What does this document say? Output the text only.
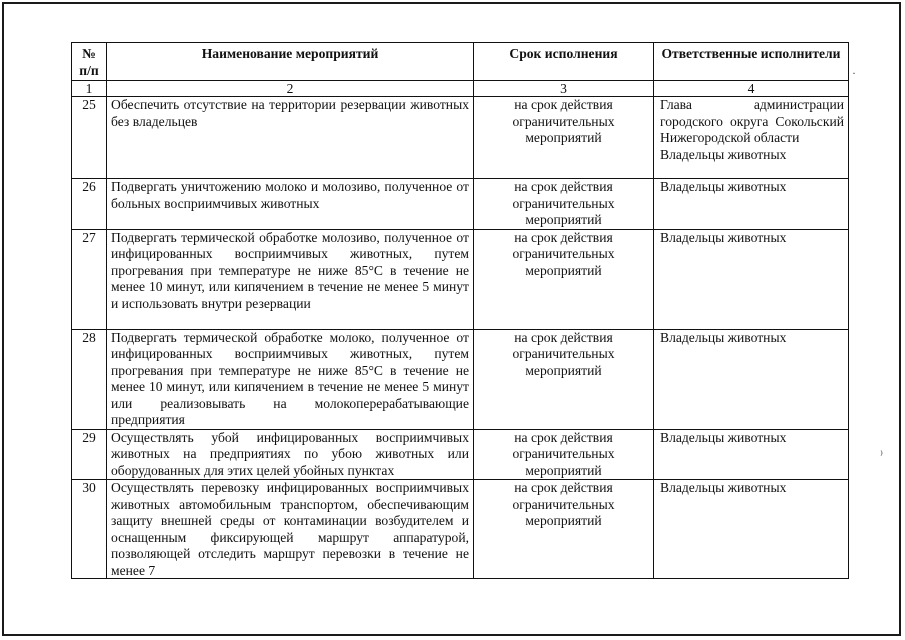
·
⁾
№ п/п	Наименование мероприятий	Срок исполнения	Ответственные исполнители
1	2	3	4
25	Обеспечить отсутствие на территории резервации животных без владельцев	на срок действия ограничительных мероприятий	Глава администрации городского округа Сокольский Нижегородской области
Владельцы животных
26	Подвергать уничтожению молоко и молозиво, полученное от больных восприимчивых животных	на срок действия ограничительных мероприятий	Владельцы животных
27	Подвергать термической обработке молозиво, полученное от инфицированных восприимчивых животных, путем прогревания при температуре не ниже 85°С в течение не менее 10 минут, или кипячением в течение не менее 5 минут и использовать внутри резервации	на срок действия ограничительных мероприятий	Владельцы животных
28	Подвергать термической обработке молоко, полученное от инфицированных восприимчивых животных, путем прогревания при температуре не ниже 85°С в течение не менее 10 минут, или кипячением в течение не менее 5 минут или реализовывать на молокоперерабатывающие предприятия	на срок действия ограничительных мероприятий	Владельцы животных
29	Осуществлять убой инфицированных восприимчивых животных на предприятиях по убою животных или оборудованных для этих целей убойных пунктах	на срок действия ограничительных мероприятий	Владельцы животных
30	Осуществлять перевозку инфицированных восприимчивых животных автомобильным транспортом, обеспечивающим защиту внешней среды от контаминации возбудителем и оснащенным фиксирующей маршрут аппаратурой, позволяющей отследить маршрут перевозки в течение не менее 7	на срок действия ограничительных мероприятий	Владельцы животных
